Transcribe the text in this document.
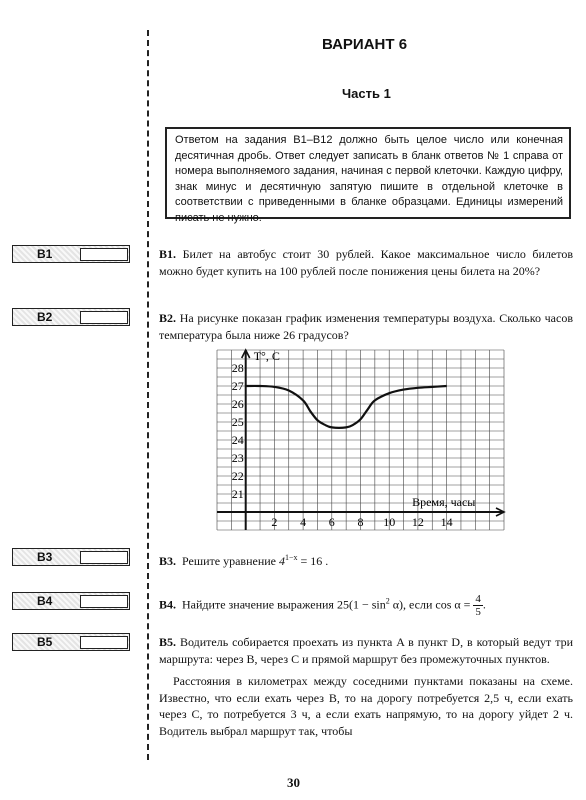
ВАРИАНТ 6
Часть 1
Ответом на задания В1–В12 должно быть целое число или конечная десятичная дробь. Ответ следует записать в бланк ответов № 1 справа от номера выполняемого задания, начиная с первой клеточки. Каждую цифру, знак минус и десятичную запятую пишите в отдельной клеточке в соответствии с приведенными в бланке образцами. Единицы измерений писать не нужно.
В1
В2
В3
В4
В5
В1. Билет на автобус стоит 30 рублей. Какое максимальное число билетов можно будет купить на 100 рублей после понижения цены билета на 20%?
В2. На рисунке показан график изменения температуры воздуха. Сколько часов температура была ниже 26 градусов?
21
22
23
24
25
26
27
28
2 4 6 8 10 12 14
T°, C
Время, часы
В3. Решите уравнение $4^{1-x} = 16$ .
В4. Найдите значение выражения $25(1 - \sin^2 \alpha)$, если $\cos \alpha = \frac{4}{5}$ .
В5. Водитель собирается проехать из пункта A в пункт D, в который ведут три маршрута: через B, через C и прямой маршрут без промежуточных пунктов.
Расстояния в километрах между соседними пунктами показаны на схеме. Известно, что если ехать через B, то на дорогу потребуется 2,5 ч, если ехать через C, то потребуется 3 ч, а если ехать напрямую, то на дорогу уйдет 2 ч. Водитель выбрал маршрут так, чтобы
30
